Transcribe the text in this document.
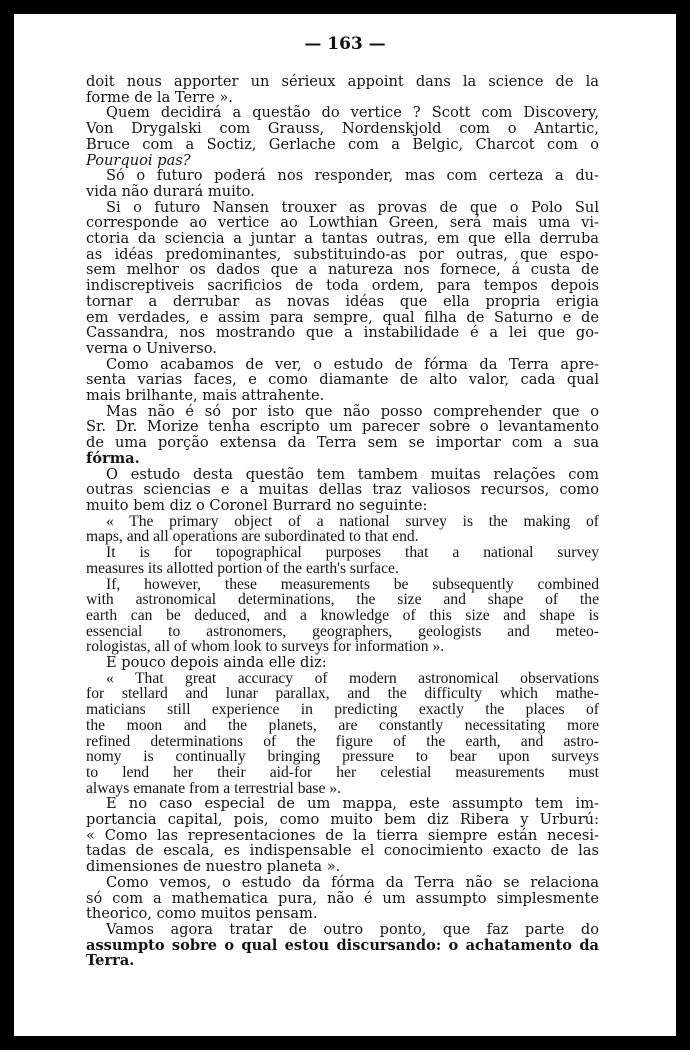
— 163 —
doit nous apporter un sérieux appoint dans la science de la
forme de la Terre ».
Quem decidirá a questão do vertice ? Scott com Discovery,
Von Drygalski com Grauss, Nordenskjold com o Antartic,
Bruce com a Soctiz, Gerlache com a Belgic, Charcot com o
Pourquoi pas?
Só o futuro poderá nos responder, mas com certeza a du-
vida não durará muito.
Si o futuro Nansen trouxer as provas de que o Polo Sul
corresponde ao vertice ao Lowthian Green, será mais uma vi-
ctoria da sciencia a juntar a tantas outras, em que ella derruba
as idéas predominantes, substituindo-as por outras, que espo-
sem melhor os dados que a natureza nos fornece, á custa de
indiscreptiveis sacrificios de toda ordem, para tempos depois
tornar a derrubar as novas idéas que ella propria erigia
em verdades, e assim para sempre, qual filha de Saturno e de
Cassandra, nos mostrando que a instabilidade é a lei que go-
verna o Universo.
Como acabamos de ver, o estudo de fórma da Terra apre-
senta varias faces, e como diamante de alto valor, cada qual
mais brilhante, mais attrahente.
Mas não é só por isto que não posso comprehender que o
Sr. Dr. Morize tenha escripto um parecer sobre o levantamento
de uma porção extensa da Terra sem se importar com a sua
fórma.
O estudo desta questão tem tambem muitas relações com
outras sciencias e a muitas dellas traz valiosos recursos, como
muito bem diz o Coronel Burrard no seguinte:
« The primary object of a national survey is the making of
maps, and all operations are subordinated to that end.
It is for topographical purposes that a national survey
measures its allotted portion of the earth's surface.
If, however, these measurements be subsequently combined
with astronomical determinations, the size and shape of the
earth can be deduced, and a knowledge of this size and shape is
essencial to astronomers, geographers, geologists and meteo-
rologistas, all of whom look to surveys for information ».
E pouco depois ainda elle diz:
« That great accuracy of modern astronomical observations
for stellard and lunar parallax, and the difficulty which mathe-
maticians still experience in predicting exactly the places of
the moon and the planets, are constantly necessitating more
refined determinations of the figure of the earth, and astro-
nomy is continually bringing pressure to bear upon surveys
to lend her their aid-for her celestial measurements must
always emanate from a terrestrial base ».
E no caso especial de um mappa, este assumpto tem im-
portancia capital, pois, como muito bem diz Ribera y Urburú:
« Como las representaciones de la tierra siempre están necesi-
tadas de escala, es indispensable el conocimiento exacto de las
dimensiones de nuestro planeta ».
Como vemos, o estudo da fórma da Terra não se relaciona
só com a mathematica pura, não é um assumpto simplesmente
theorico, como muitos pensam.
Vamos agora tratar de outro ponto, que faz parte do
assumpto sobre o qual estou discursando: o achatamento da
Terra.
